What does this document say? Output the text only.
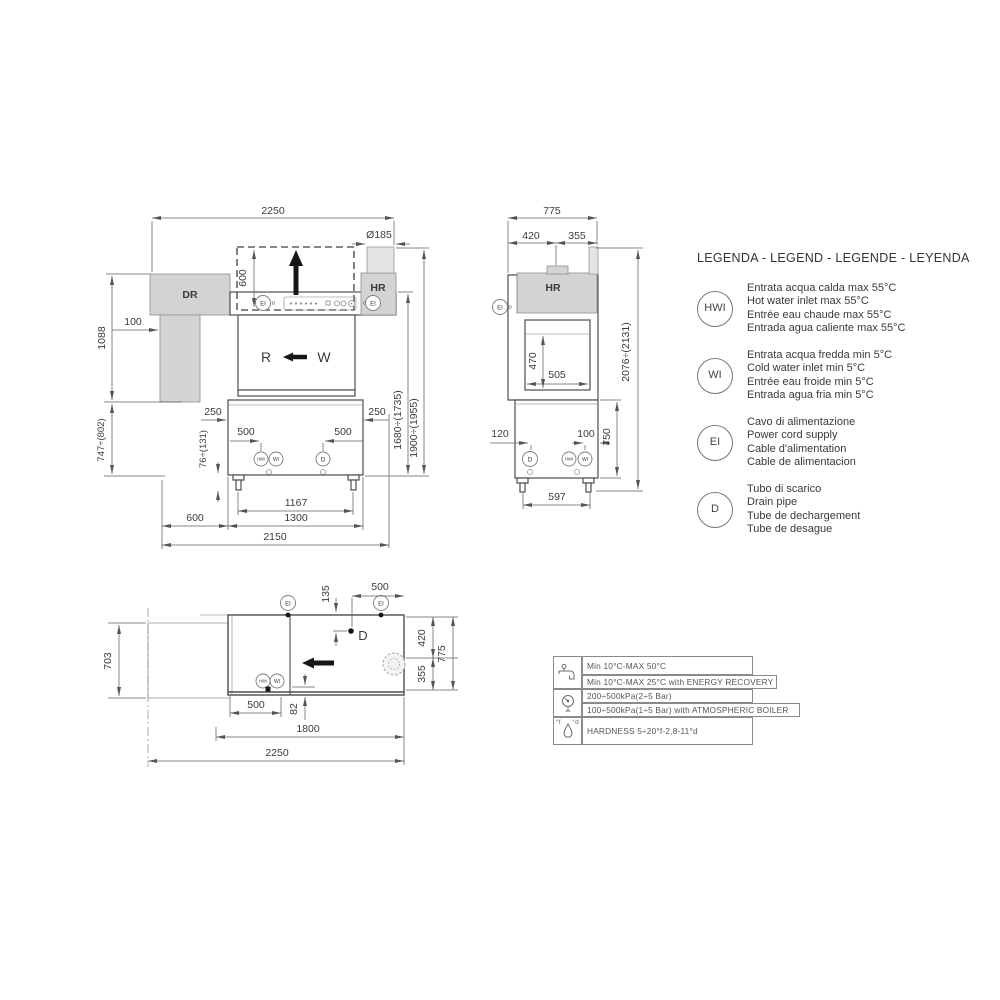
2250
Ø185
600
100
1088
747÷(802)
DR
HR
EI	EI
R	W
250	250
500	500
76÷(131)	HWI WI	D
1167
1300
600
2150
1680÷(1735) 1900÷(1955)
775
420	355
HR
EI
2076÷(2131)
470
505
120	100 750
D	HWI WI
597
703
EI
135	500
EI
D	420
355
775
HWI WI
500 82
1800
2250
LEGENDA - LEGEND - LEGENDE - LEYENDA
HWI
Entrata acqua calda max 55°C
Hot water inlet max 55°C
Entrée eau chaude max 55°C
Entrada agua caliente max 55°C
WI
Entrata acqua fredda min 5°C
Cold water inlet min 5°C
Entrée eau froide min 5°C
Entrada agua fria min 5°C
EI
Cavo di alimentazione
Power cord supply
Cable d'alimentation
Cable de alimentacion
D
Tubo di scarico
Drain pipe
Tube de dechargement
Tube de desague
°f °d
Min 10°C-MAX 50°C
Min 10°C-MAX 25°C with ENERGY RECOVERY
200÷500kPa(2÷5 Bar)
100÷500kPa(1÷5 Bar) with ATMOSPHERIC BOILER
HARDNESS 5÷20°f-2.8-11°d
